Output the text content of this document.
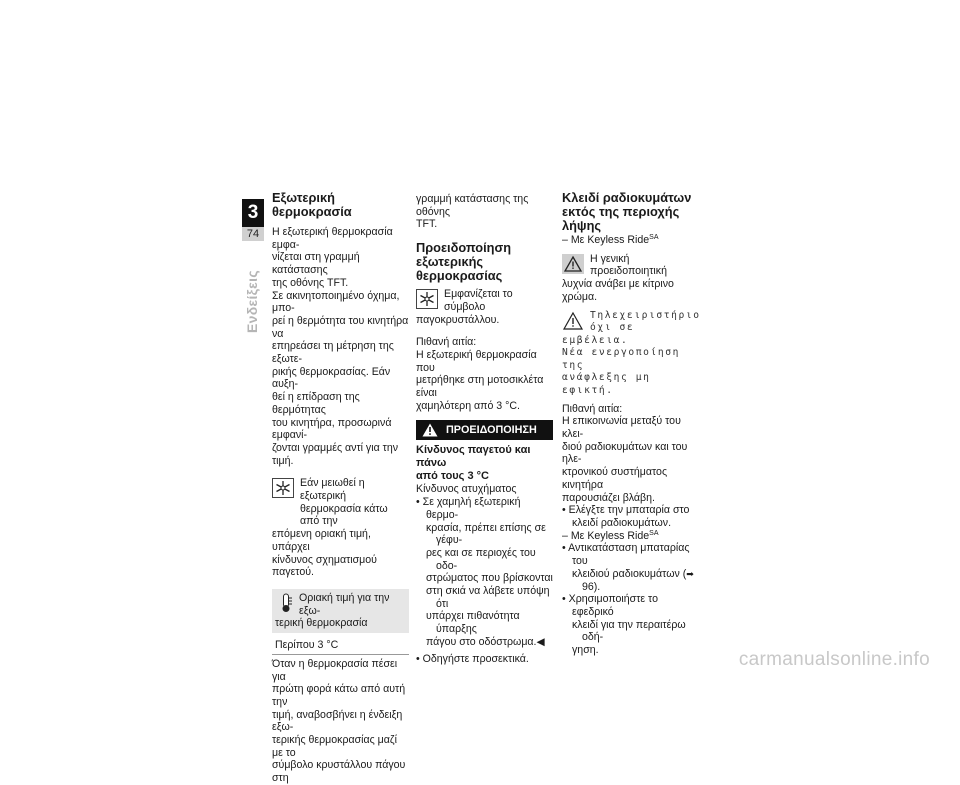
3
74
Ενδείξεις
Εξωτερική θερμοκρασία

Η εξωτερική θερμοκρασία εμφα-

νίζεται στη γραμμή κατάστασης

της οθόνης TFT.

Σε ακινητοποιημένο όχημα, μπο-

ρεί η θερμότητα του κινητήρα να

επηρεάσει τη μέτρηση της εξωτε-

ρικής θερμοκρασίας. Εάν αυξη-

θεί η επίδραση της θερμότητας

του κινητήρα, προσωρινά εμφανί-

ζονται γραμμές αντί για την τιμή.

Εάν μειωθεί η εξωτερική

θερμοκρασία κάτω από την

επόμενη οριακή τιμή, υπάρχει

κίνδυνος σχηματισμού παγετού.

Οριακή τιμή για την εξω-

τερική θερμοκρασία

Περίπου 3 °C

Όταν η θερμοκρασία πέσει για

πρώτη φορά κάτω από αυτή την

τιμή, αναβοσβήνει η ένδειξη εξω-

τερικής θερμοκρασίας μαζί με το

σύμβολο κρυστάλλου πάγου στη

γραμμή κατάστασης της οθόνης

TFT.

Προειδοποίηση
εξωτερικής θερμοκρασίας

Εμφανίζεται το σύμβολο

παγοκρυστάλλου.

Πιθανή αιτία:

Η εξωτερική θερμοκρασία που

μετρήθηκε στη μοτοσικλέτα είναι

χαμηλότερη από 3 °C.

ΠΡΟΕΙΔΟΠΟΙΗΣΗ
Κίνδυνος παγετού και πάνω
από τους 3 °C

Κίνδυνος ατυχήματος

• Σε χαμηλή εξωτερική θερμο-

κρασία, πρέπει επίσης σε γέφυ-

ρες και σε περιοχές του οδο-

στρώματος που βρίσκονται

στη σκιά να λάβετε υπόψη ότι

υπάρχει πιθανότητα ύπαρξης

πάγου στο οδόστρωμα.◀

• Οδηγήστε προσεκτικά.
Κλειδί ραδιοκυμάτων
εκτός της περιοχής λήψης

– Με Keyless Ride$^{SA}$

Η γενική προειδοποιητική

λυχνία ανάβει με κίτρινο

χρώμα.

Τηλεχειριστήριο

όχι σε εμβέλεια.

Νέα ενεργοποίηση της

ανάφλεξης μη εφικτή.

Πιθανή αιτία:

Η επικοινωνία μεταξύ του κλει-

διού ραδιοκυμάτων και του ηλε-

κτρονικού συστήματος κινητήρα

παρουσιάζει βλάβη.

• Ελέγξτε την μπαταρία στο

κλειδί ραδιοκυμάτων.

– Με Keyless Ride$^{SA}$

• Αντικατάσταση μπαταρίας του

κλειδιού ραδιοκυμάτων (➡ 96).

• Χρησιμοποιήστε το εφεδρικό

κλειδί για την περαιτέρω οδή-

γηση.	carmanualsonline.info
